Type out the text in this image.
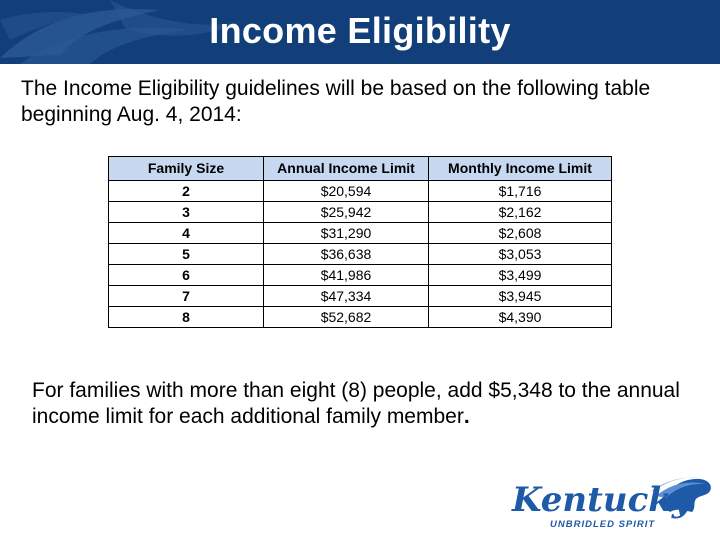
Income Eligibility

The Income Eligibility guidelines will be based on the following table beginning Aug. 4, 2014:

Family Size	Annual Income Limit	Monthly Income Limit
2	$20,594	$1,716
3	$25,942	$2,162
4	$31,290	$2,608
5	$36,638	$3,053
6	$41,986	$3,499
7	$47,334	$3,945
8	$52,682	$4,390

For families with more than eight (8) people, add $5,348 to the annual income limit for each additional family member.

Kentucky
UNBRIDLED SPIRIT
